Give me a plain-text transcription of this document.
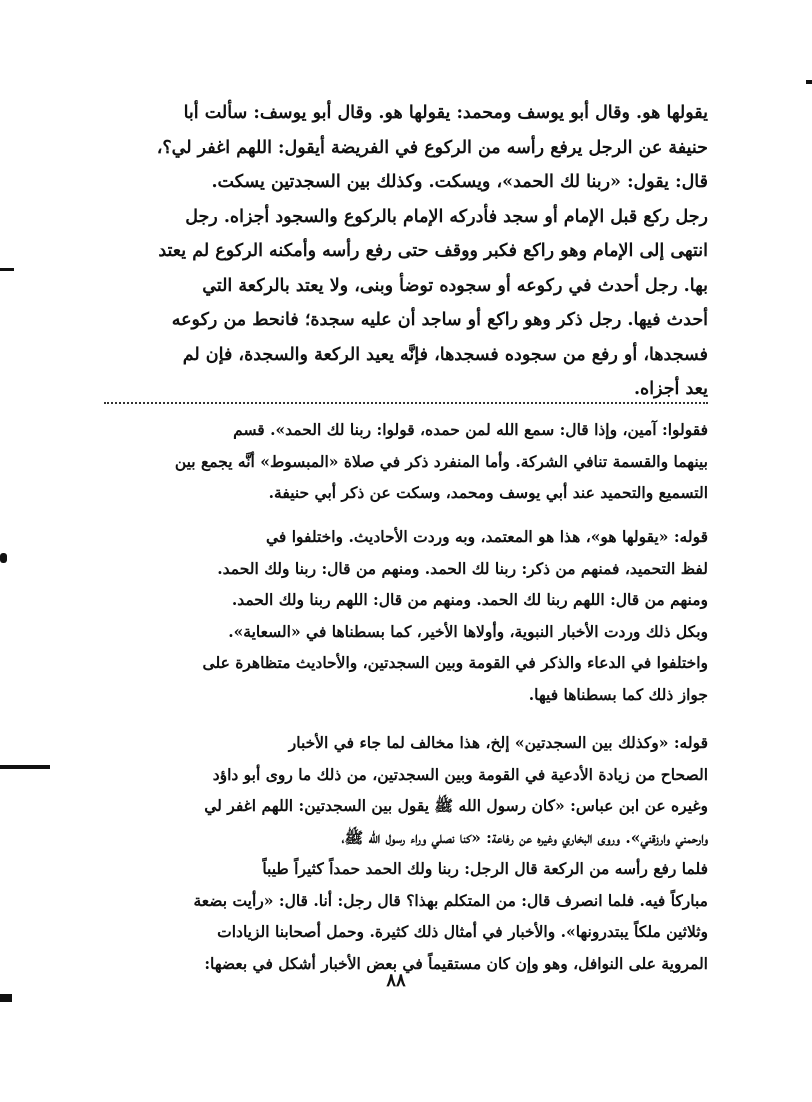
يقولها هو. وقال أبو يوسف ومحمد: يقولها هو. وقال أبو يوسف: سألت أبا
حنيفة عن الرجل يرفع رأسه من الركوع في الفريضة أيقول: اللهم اغفر لي؟،
قال: يقول: «ربنا لك الحمد»، ويسكت. وكذلك بين السجدتين يسكت.
رجل ركع قبل الإمام أو سجد فأدركه الإمام بالركوع والسجود أجزاه. رجل
انتهى إلى الإمام وهو راكع فكبر ووقف حتى رفع رأسه وأمكنه الركوع لم يعتد
بها. رجل أحدث في ركوعه أو سجوده توضأ وبنى، ولا يعتد بالركعة التي
أحدث فيها. رجل ذكر وهو راكع أو ساجد أن عليه سجدة؛ فانحط من ركوعه
فسجدها، أو رفع من سجوده فسجدها، فإنَّه يعيد الركعة والسجدة، فإن لم
يعد أجزاه.
فقولوا: آمين، وإذا قال: سمع الله لمن حمده، قولوا: ربنا لك الحمد». قسم
بينهما والقسمة تنافي الشركة. وأما المنفرد ذكر في صلاة «المبسوط» أنَّه يجمع بين
التسميع والتحميد عند أبي يوسف ومحمد، وسكت عن ذكر أبي حنيفة.
قوله: «يقولها هو»، هذا هو المعتمد، وبه وردت الأحاديث. واختلفوا في
لفظ التحميد، فمنهم من ذكر: ربنا لك الحمد. ومنهم من قال: ربنا ولك الحمد.
ومنهم من قال: اللهم ربنا لك الحمد. ومنهم من قال: اللهم ربنا ولك الحمد.
وبكل ذلك وردت الأخبار النبوية، وأولاها الأخير، كما بسطناها في «السعاية».
واختلفوا في الدعاء والذكر في القومة وبين السجدتين، والأحاديث متظاهرة على
جواز ذلك كما بسطناها فيها.
قوله: «وكذلك بين السجدتين» إلخ، هذا مخالف لما جاء في الأخبار
الصحاح من زيادة الأدعية في القومة وبين السجدتين، من ذلك ما روى أبو داؤد
وغيره عن ابن عباس: «كان رسول الله ﷺ يقول بين السجدتين: اللهم اغفر لي
وارحمني وارزقني». وروى البخاري وغيره عن رفاعة: «كنا نصلي وراء رسول الله ﷺ،
فلما رفع رأسه من الركعة قال الرجل: ربنا ولك الحمد حمداً كثيراً طيباً
مباركاً فيه. فلما انصرف قال: من المتكلم بهذا؟ قال رجل: أنا. قال: «رأيت بضعة
وثلاثين ملكاً يبتدرونها». والأخبار في أمثال ذلك كثيرة. وحمل أصحابنا الزيادات
المروية على النوافل، وهو وإن كان مستقيماً في بعض الأخبار أشكل في بعضها:
٨٨
